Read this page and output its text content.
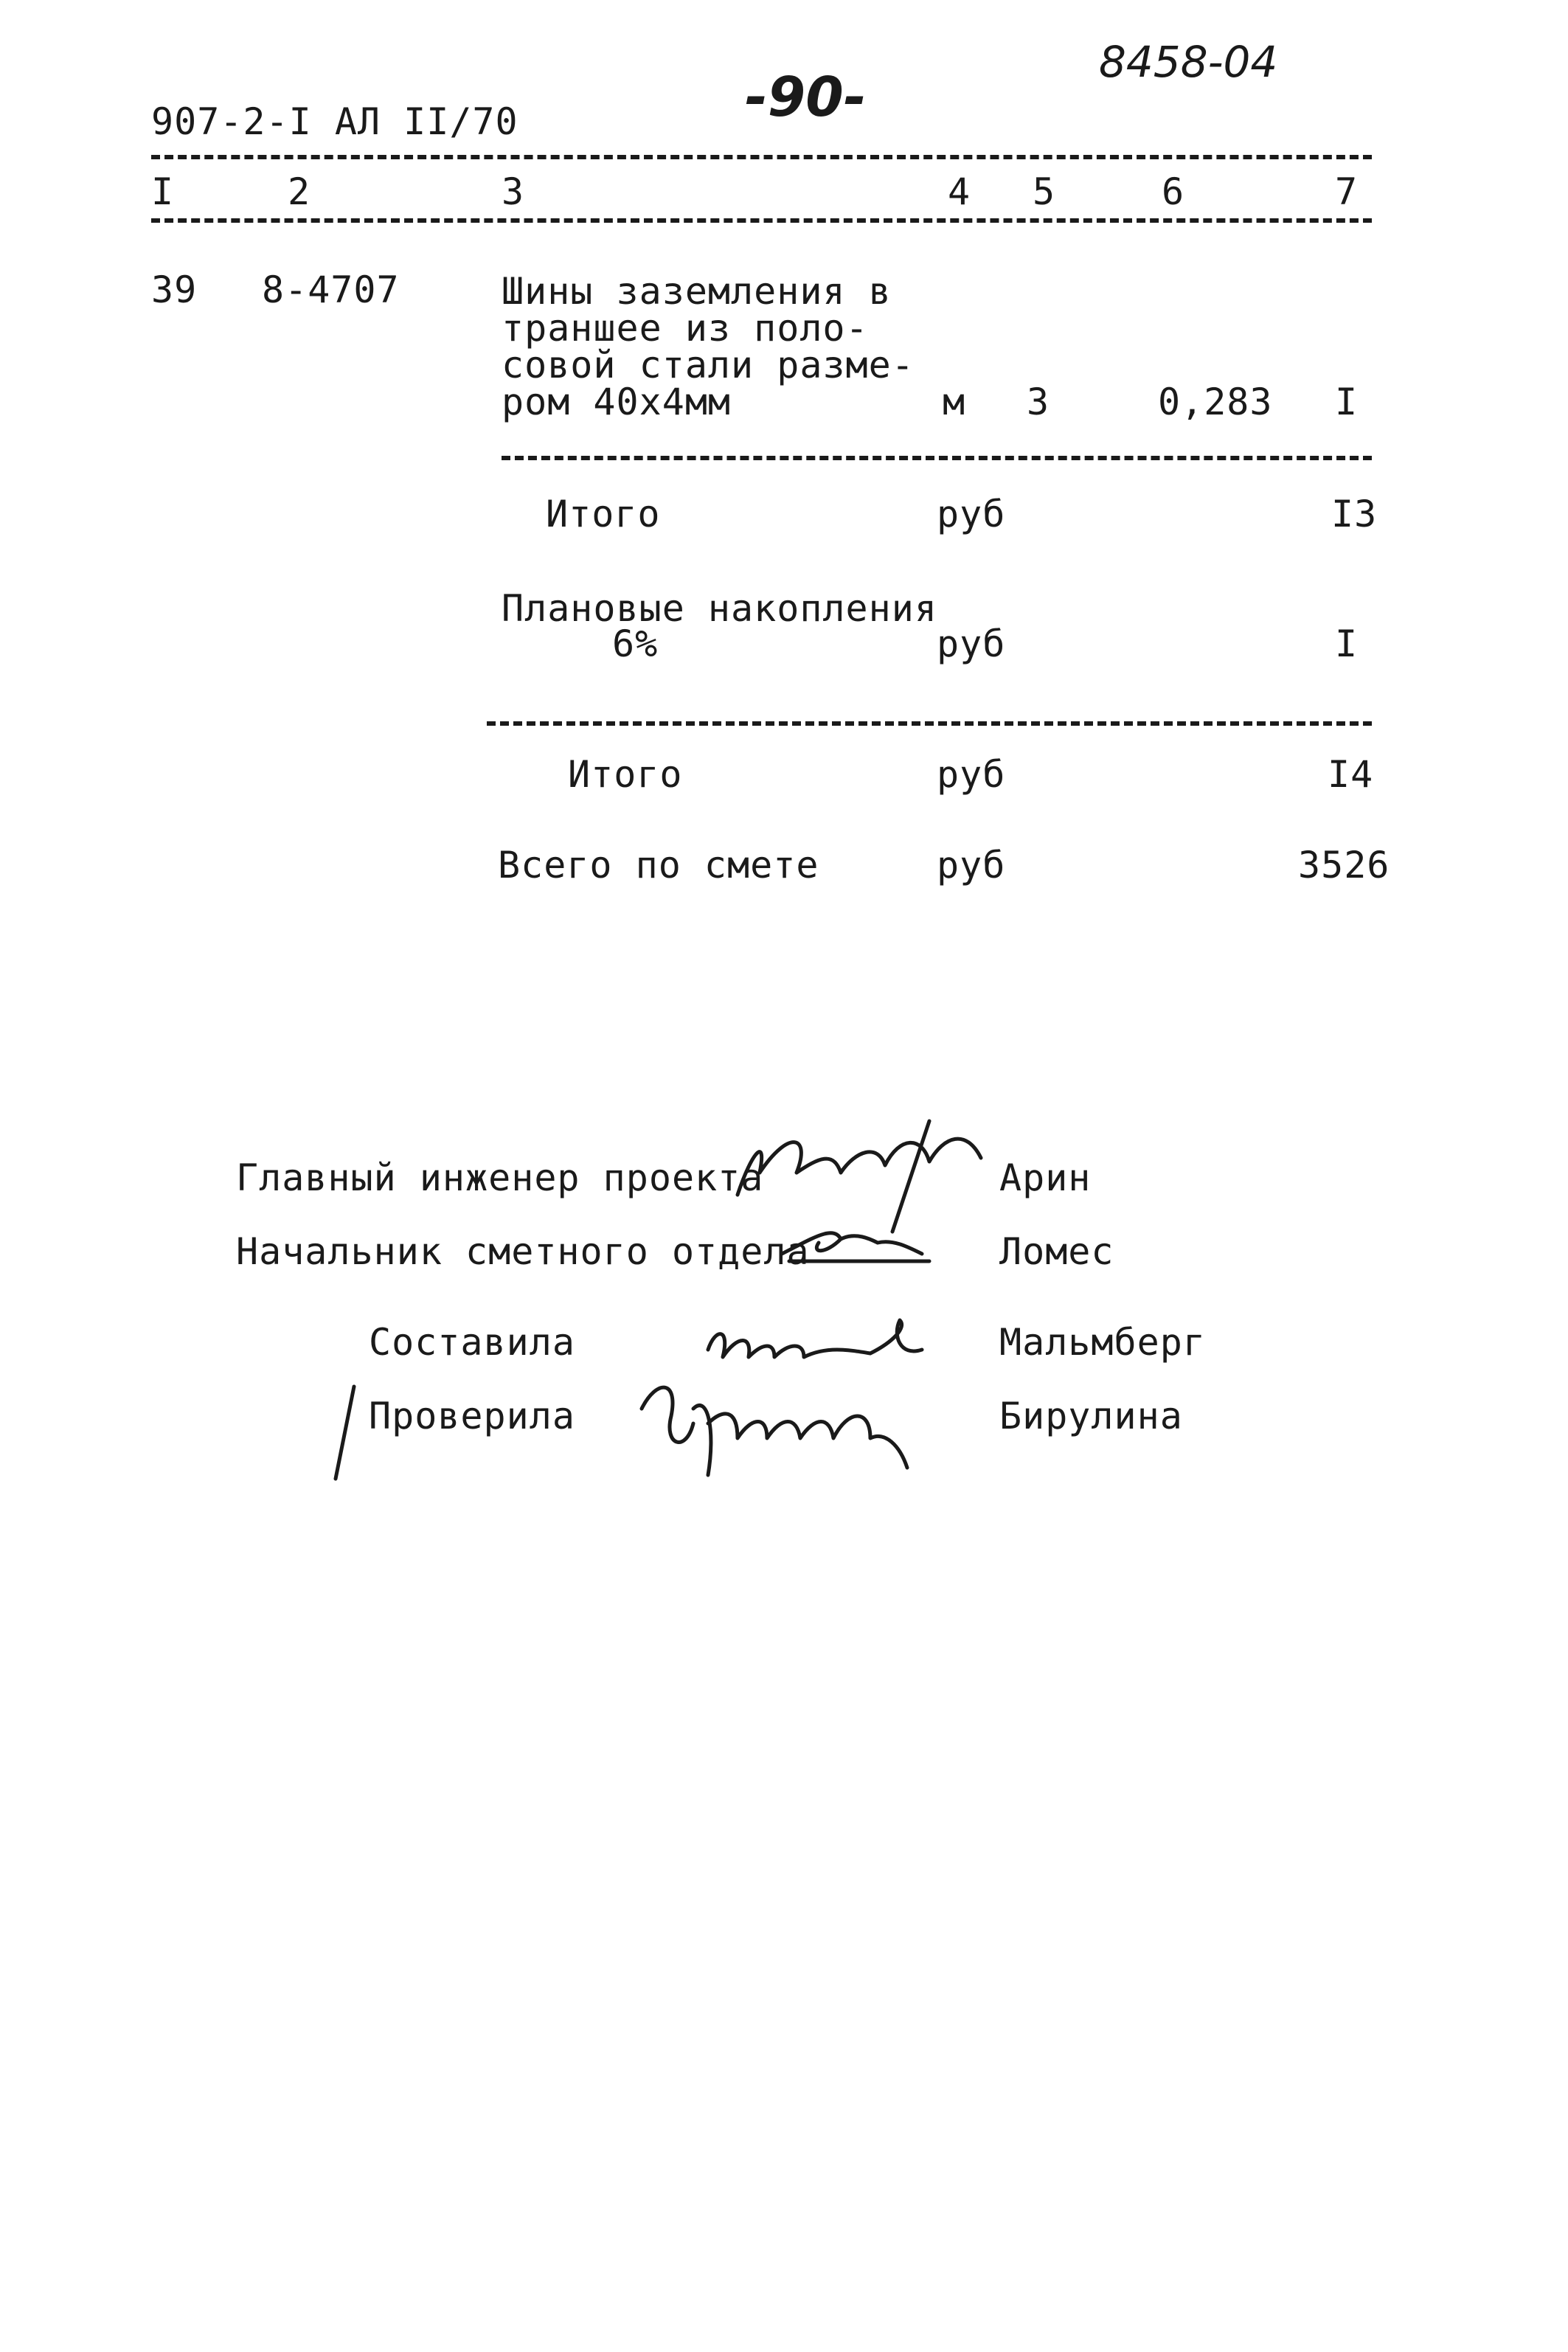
907-2-I АЛ II/70	-90-
8458-04
I	2	3	4 5	6	7
39 8-4707	Шины заземления в
траншее из поло-
совой стали разме-
ром 40х4мм	м 3	0,283 I
Итого	руб	I3
Плановые накопления
6%	руб	I
Итого	руб	I4
Всего по смете	руб	3526
Главный инженер проекта	Арин
Начальник сметного отдела	Ломес
Составила	Мальмберг
Проверила	Бирулина
